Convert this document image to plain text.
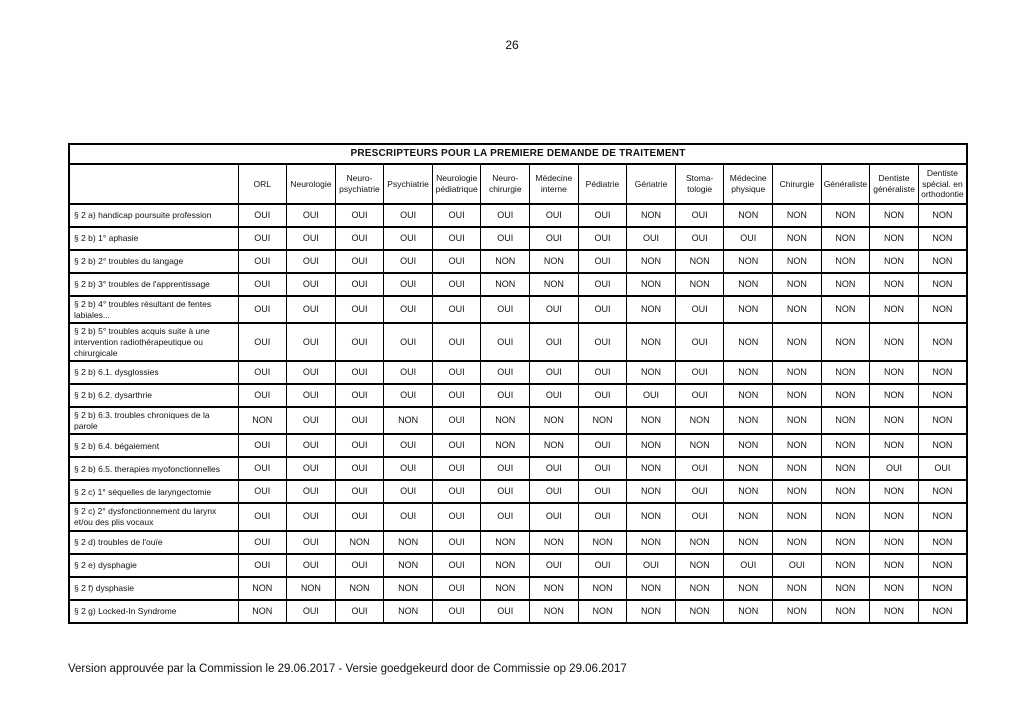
26
PRESCRIPTEURS POUR LA PREMIERE DEMANDE DE TRAITEMENT															
	ORL	Neurologie	Neuro-psychiatrie	Psychiatrie	Neurologie pédiatrique	Neuro-chirurgie	Médecine interne	Pédiatrie	Gériatrie	Stoma-tologie	Médecine physique	Chirurgie	Généraliste	Dentiste généraliste	Dentiste spécial. en orthodontie
§ 2 a) handicap poursuite profession	OUI	OUI	OUI	OUI	OUI	OUI	OUI	OUI	NON	OUI	NON	NON	NON	NON	NON
§ 2 b) 1° aphasie	OUI	OUI	OUI	OUI	OUI	OUI	OUI	OUI	OUI	OUI	OUI	NON	NON	NON	NON
§ 2 b) 2° troubles du langage	OUI	OUI	OUI	OUI	OUI	NON	NON	OUI	NON	NON	NON	NON	NON	NON	NON
§ 2 b) 3° troubles de l'apprentissage	OUI	OUI	OUI	OUI	OUI	NON	NON	OUI	NON	NON	NON	NON	NON	NON	NON
§ 2 b) 4° troubles résultant de fentes labiales...	OUI	OUI	OUI	OUI	OUI	OUI	OUI	OUI	NON	OUI	NON	NON	NON	NON	NON
§ 2 b) 5° troubles acquis suite à une intervention radiothérapeutique ou chirurgicale	OUI	OUI	OUI	OUI	OUI	OUI	OUI	OUI	NON	OUI	NON	NON	NON	NON	NON
§ 2 b) 6.1. dysglossies	OUI	OUI	OUI	OUI	OUI	OUI	OUI	OUI	NON	OUI	NON	NON	NON	NON	NON
§ 2 b) 6.2. dysarthrie	OUI	OUI	OUI	OUI	OUI	OUI	OUI	OUI	OUI	OUI	NON	NON	NON	NON	NON
§ 2 b) 6.3. troubles chroniques de la parole	NON	OUI	OUI	NON	OUI	NON	NON	NON	NON	NON	NON	NON	NON	NON	NON
§ 2 b) 6.4. bégaiement	OUI	OUI	OUI	OUI	OUI	NON	NON	OUI	NON	NON	NON	NON	NON	NON	NON
§ 2 b) 6.5. therapies myofonctionnelles	OUI	OUI	OUI	OUI	OUI	OUI	OUI	OUI	NON	OUI	NON	NON	NON	OUI	OUI
§ 2 c) 1° séquelles de laryngectomie	OUI	OUI	OUI	OUI	OUI	OUI	OUI	OUI	NON	OUI	NON	NON	NON	NON	NON
§ 2 c) 2° dysfonctionnement du larynx et/ou des plis vocaux	OUI	OUI	OUI	OUI	OUI	OUI	OUI	OUI	NON	OUI	NON	NON	NON	NON	NON
§ 2 d) troubles de l'ouïe	OUI	OUI	NON	NON	OUI	NON	NON	NON	NON	NON	NON	NON	NON	NON	NON
§ 2 e) dysphagie	OUI	OUI	OUI	NON	OUI	NON	OUI	OUI	OUI	NON	OUI	OUI	NON	NON	NON
§ 2 f) dysphasie	NON	NON	NON	NON	OUI	NON	NON	NON	NON	NON	NON	NON	NON	NON	NON
§ 2 g) Locked-In Syndrome	NON	OUI	OUI	NON	OUI	OUI	NON	NON	NON	NON	NON	NON	NON	NON	NON
Version approuvée par la Commission le 29.06.2017 - Versie goedgekeurd door de Commissie op 29.06.2017
